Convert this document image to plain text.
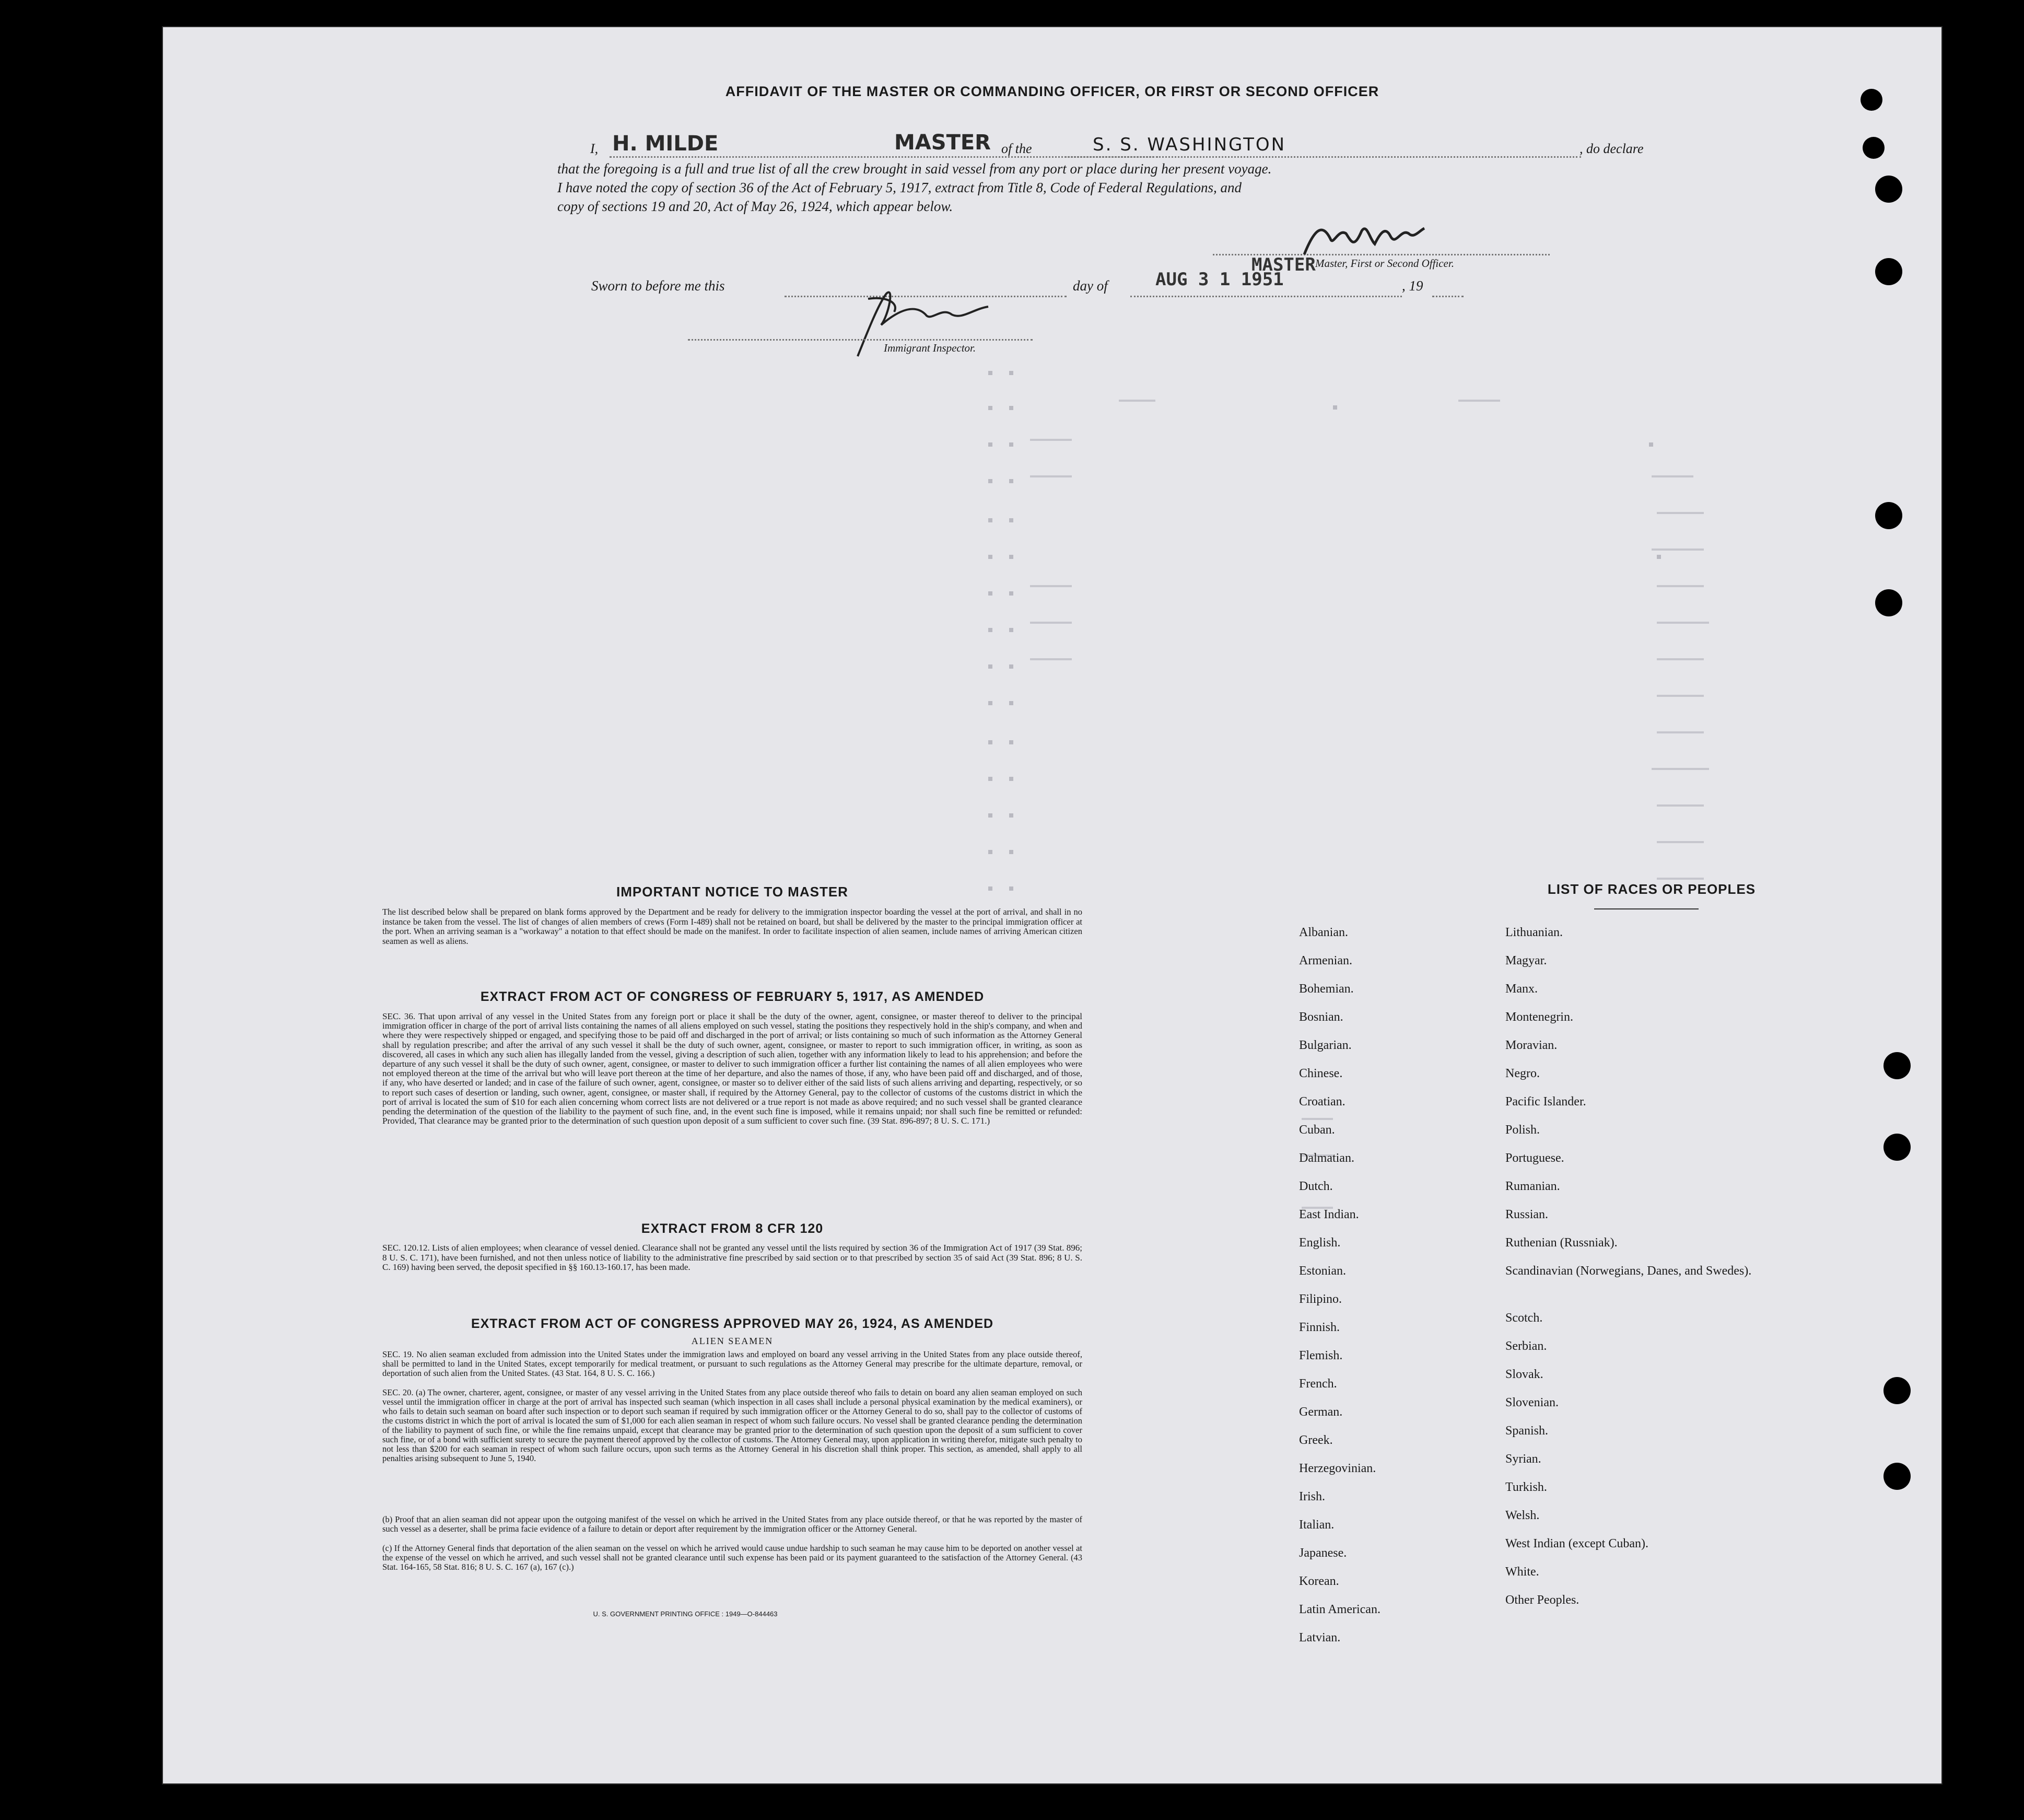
AFFIDAVIT OF THE MASTER OR COMMANDING OFFICER, OR FIRST OR SECOND OFFICER
I, H. MILDE	MASTER of the	S. S. WASHINGTON	, do declare
that the foregoing is a full and true list of all the crew brought in said vessel from any port or place during her present voyage.
I have noted the copy of section 36 of the Act of February 5, 1917, extract from Title 8, Code of Federal Regulations, and
copy of sections 19 and 20, Act of May 26, 1924, which appear below.
MASTER Master, First or Second Officer.
Sworn to before me this	day of	AUG 3 1 1951	, 19
Immigrant Inspector.
IMPORTANT NOTICE TO MASTER
The list described below shall be prepared on blank forms approved by the Department and be ready for delivery to the immigration inspector boarding the vessel at the port of arrival, and shall in no instance be taken from the vessel. The list of changes of alien members of crews (Form I-489) shall not be retained on board, but shall be delivered by the master to the principal immigration officer at the port. When an arriving seaman is a "workaway" a notation to that effect should be made on the manifest. In order to facilitate inspection of alien seamen, include names of arriving American citizen seamen as well as aliens.
EXTRACT FROM ACT OF CONGRESS OF FEBRUARY 5, 1917, AS AMENDED
SEC. 36. That upon arrival of any vessel in the United States from any foreign port or place it shall be the duty of the owner, agent, consignee, or master thereof to deliver to the principal immigration officer in charge of the port of arrival lists containing the names of all aliens employed on such vessel, stating the positions they respectively hold in the ship's company, and when and where they were respectively shipped or engaged, and specifying those to be paid off and discharged in the port of arrival; or lists containing so much of such information as the Attorney General shall by regulation prescribe; and after the arrival of any such vessel it shall be the duty of such owner, agent, consignee, or master to report to such immigration officer, in writing, as soon as discovered, all cases in which any such alien has illegally landed from the vessel, giving a description of such alien, together with any information likely to lead to his apprehension; and before the departure of any such vessel it shall be the duty of such owner, agent, consignee, or master to deliver to such immigration officer a further list containing the names of all alien employees who were not employed thereon at the time of the arrival but who will leave port thereon at the time of her departure, and also the names of those, if any, who have been paid off and discharged, and of those, if any, who have deserted or landed; and in case of the failure of such owner, agent, consignee, or master so to deliver either of the said lists of such aliens arriving and departing, respectively, or so to report such cases of desertion or landing, such owner, agent, consignee, or master shall, if required by the Attorney General, pay to the collector of customs of the customs district in which the port of arrival is located the sum of $10 for each alien concerning whom correct lists are not delivered or a true report is not made as above required; and no such vessel shall be granted clearance pending the determination of the question of the liability to the payment of such fine, and, in the event such fine is imposed, while it remains unpaid; nor shall such fine be remitted or refunded: Provided, That clearance may be granted prior to the determination of such question upon deposit of a sum sufficient to cover such fine. (39 Stat. 896-897; 8 U. S. C. 171.)
EXTRACT FROM 8 CFR 120
SEC. 120.12. Lists of alien employees; when clearance of vessel denied. Clearance shall not be granted any vessel until the lists required by section 36 of the Immigration Act of 1917 (39 Stat. 896; 8 U. S. C. 171), have been furnished, and not then unless notice of liability to the administrative fine prescribed by said section or to that prescribed by section 35 of said Act (39 Stat. 896; 8 U. S. C. 169) having been served, the deposit specified in §§ 160.13-160.17, has been made.
EXTRACT FROM ACT OF CONGRESS APPROVED MAY 26, 1924, AS AMENDED
ALIEN SEAMEN
SEC. 19. No alien seaman excluded from admission into the United States under the immigration laws and employed on board any vessel arriving in the United States from any place outside thereof, shall be permitted to land in the United States, except temporarily for medical treatment, or pursuant to such regulations as the Attorney General may prescribe for the ultimate departure, removal, or deportation of such alien from the United States. (43 Stat. 164, 8 U. S. C. 166.)
SEC. 20. (a) The owner, charterer, agent, consignee, or master of any vessel arriving in the United States from any place outside thereof who fails to detain on board any alien seaman employed on such vessel until the immigration officer in charge at the port of arrival has inspected such seaman (which inspection in all cases shall include a personal physical examination by the medical examiners), or who fails to detain such seaman on board after such inspection or to deport such seaman if required by such immigration officer or the Attorney General to do so, shall pay to the collector of customs of the customs district in which the port of arrival is located the sum of $1,000 for each alien seaman in respect of whom such failure occurs. No vessel shall be granted clearance pending the determination of the liability to payment of such fine, or while the fine remains unpaid, except that clearance may be granted prior to the determination of such question upon the deposit of a sum sufficient to cover such fine, or of a bond with sufficient surety to secure the payment thereof approved by the collector of customs. The Attorney General may, upon application in writing therefor, mitigate such penalty to not less than $200 for each seaman in respect of whom such failure occurs, upon such terms as the Attorney General in his discretion shall think proper. This section, as amended, shall apply to all penalties arising subsequent to June 5, 1940.
(b) Proof that an alien seaman did not appear upon the outgoing manifest of the vessel on which he arrived in the United States from any place outside thereof, or that he was reported by the master of such vessel as a deserter, shall be prima facie evidence of a failure to detain or deport after requirement by the immigration officer or the Attorney General.
(c) If the Attorney General finds that deportation of the alien seaman on the vessel on which he arrived would cause undue hardship to such seaman he may cause him to be deported on another vessel at the expense of the vessel on which he arrived, and such vessel shall not be granted clearance until such expense has been paid or its payment guaranteed to the satisfaction of the Attorney General. (43 Stat. 164-165, 58 Stat. 816; 8 U. S. C. 167 (a), 167 (c).)
U. S. GOVERNMENT PRINTING OFFICE : 1949—O-844463
LIST OF RACES OR PEOPLES
Albanian.
Armenian.
Bohemian.
Bosnian.
Bulgarian.
Chinese.
Croatian.
Cuban.
Dalmatian.
Dutch.
East Indian.
English.
Estonian.
Filipino.
Finnish.
Flemish.
French.
German.
Greek.
Herzegovinian.
Irish.
Italian.
Japanese.
Korean.
Latin American.
Latvian.
Lithuanian.
Magyar.
Manx.
Montenegrin.
Moravian.
Negro.
Pacific Islander.
Polish.
Portuguese.
Rumanian.
Russian.
Ruthenian (Russniak).
Scandinavian (Norwegians, Danes, and Swedes).
Scotch.
Serbian.
Slovak.
Slovenian.
Spanish.
Syrian.
Turkish.
Welsh.
West Indian (except Cuban).
White.
Other Peoples.
